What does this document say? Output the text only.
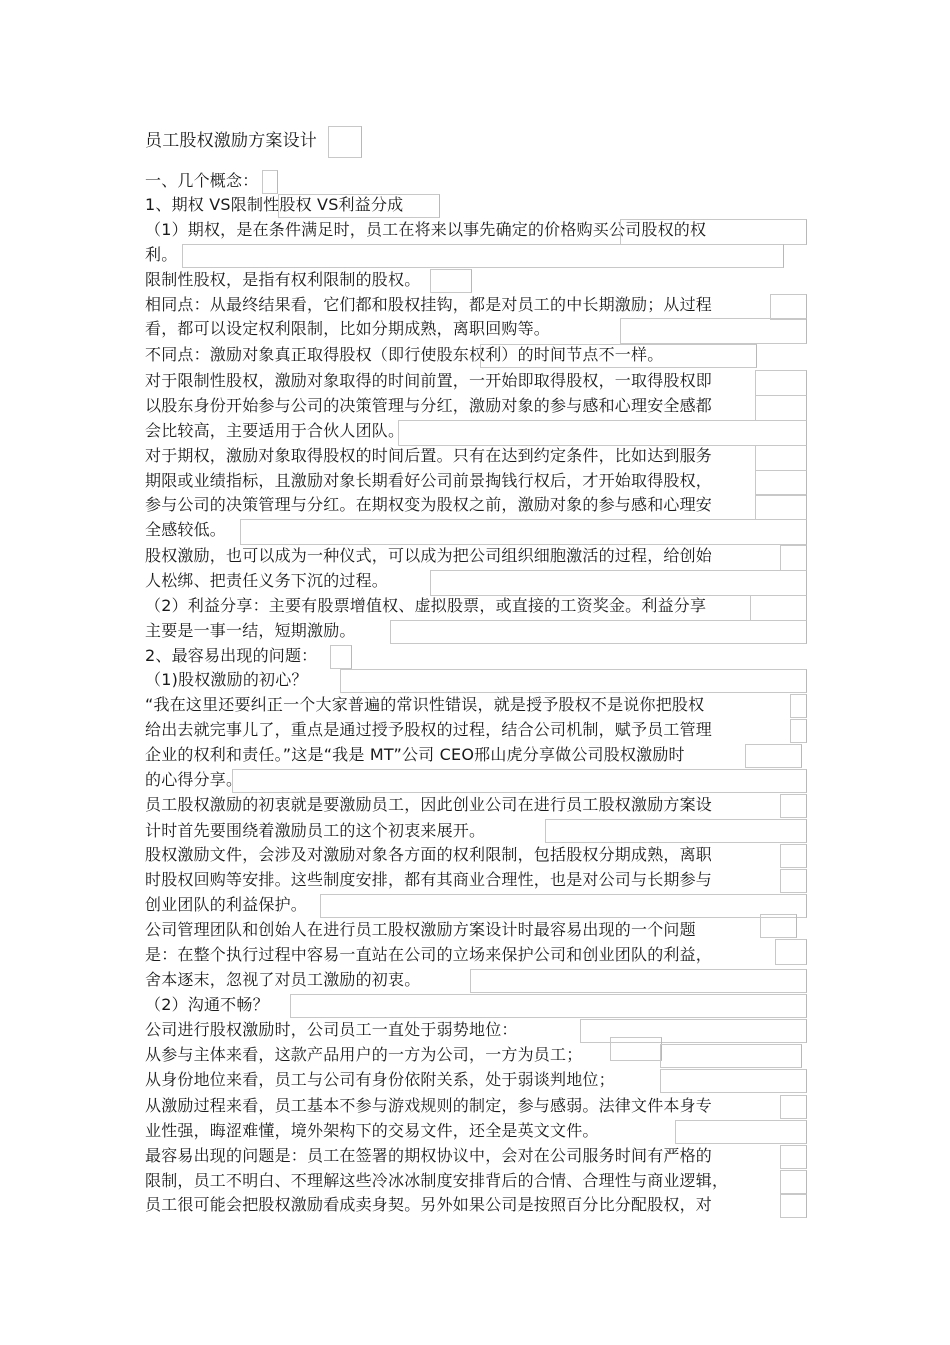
员工股权激励方案设计
一、几个概念：
1、期权 VS限制性股权 VS利益分成
（1）期权，是在条件满足时，员工在将来以事先确定的价格购买公司股权的权
利。
限制性股权，是指有权利限制的股权。
相同点：从最终结果看，它们都和股权挂钩，都是对员工的中长期激励；从过程
看，都可以设定权利限制，比如分期成熟，离职回购等。
不同点：激励对象真正取得股权（即行使股东权利）的时间节点不一样。
对于限制性股权，激励对象取得的时间前置，一开始即取得股权，一取得股权即
以股东身份开始参与公司的决策管理与分红，激励对象的参与感和心理安全感都
会比较高，主要适用于合伙人团队。
对于期权，激励对象取得股权的时间后置。只有在达到约定条件，比如达到服务
期限或业绩指标，且激励对象长期看好公司前景掏钱行权后，才开始取得股权，
参与公司的决策管理与分红。在期权变为股权之前，激励对象的参与感和心理安
全感较低。
股权激励，也可以成为一种仪式，可以成为把公司组织细胞激活的过程，给创始
人松绑、把责任义务下沉的过程。
（2）利益分享：主要有股票增值权、虚拟股票，或直接的工资奖金。利益分享
主要是一事一结，短期激励。
2、最容易出现的问题：
（1)股权激励的初心？
“我在这里还要纠正一个大家普遍的常识性错误，就是授予股权不是说你把股权
给出去就完事儿了，重点是通过授予股权的过程，结合公司机制，赋予员工管理
企业的权利和责任。”这是“我是 MT”公司 CEO邢山虎分享做公司股权激励时
的心得分享。
员工股权激励的初衷就是要激励员工，因此创业公司在进行员工股权激励方案设
计时首先要围绕着激励员工的这个初衷来展开。
股权激励文件，会涉及对激励对象各方面的权利限制，包括股权分期成熟，离职
时股权回购等安排。这些制度安排，都有其商业合理性，也是对公司与长期参与
创业团队的利益保护。
公司管理团队和创始人在进行员工股权激励方案设计时最容易出现的一个问题
是：在整个执行过程中容易一直站在公司的立场来保护公司和创业团队的利益，
舍本逐末，忽视了对员工激励的初衷。
（2）沟通不畅？
公司进行股权激励时，公司员工一直处于弱势地位：
从参与主体来看，这款产品用户的一方为公司，一方为员工；
从身份地位来看，员工与公司有身份依附关系，处于弱谈判地位；
从激励过程来看，员工基本不参与游戏规则的制定，参与感弱。法律文件本身专
业性强，晦涩难懂，境外架构下的交易文件，还全是英文文件。
最容易出现的问题是：员工在签署的期权协议中，会对在公司服务时间有严格的
限制，员工不明白、不理解这些冷冰冰制度安排背后的合情、合理性与商业逻辑，
员工很可能会把股权激励看成卖身契。另外如果公司是按照百分比分配股权，对
